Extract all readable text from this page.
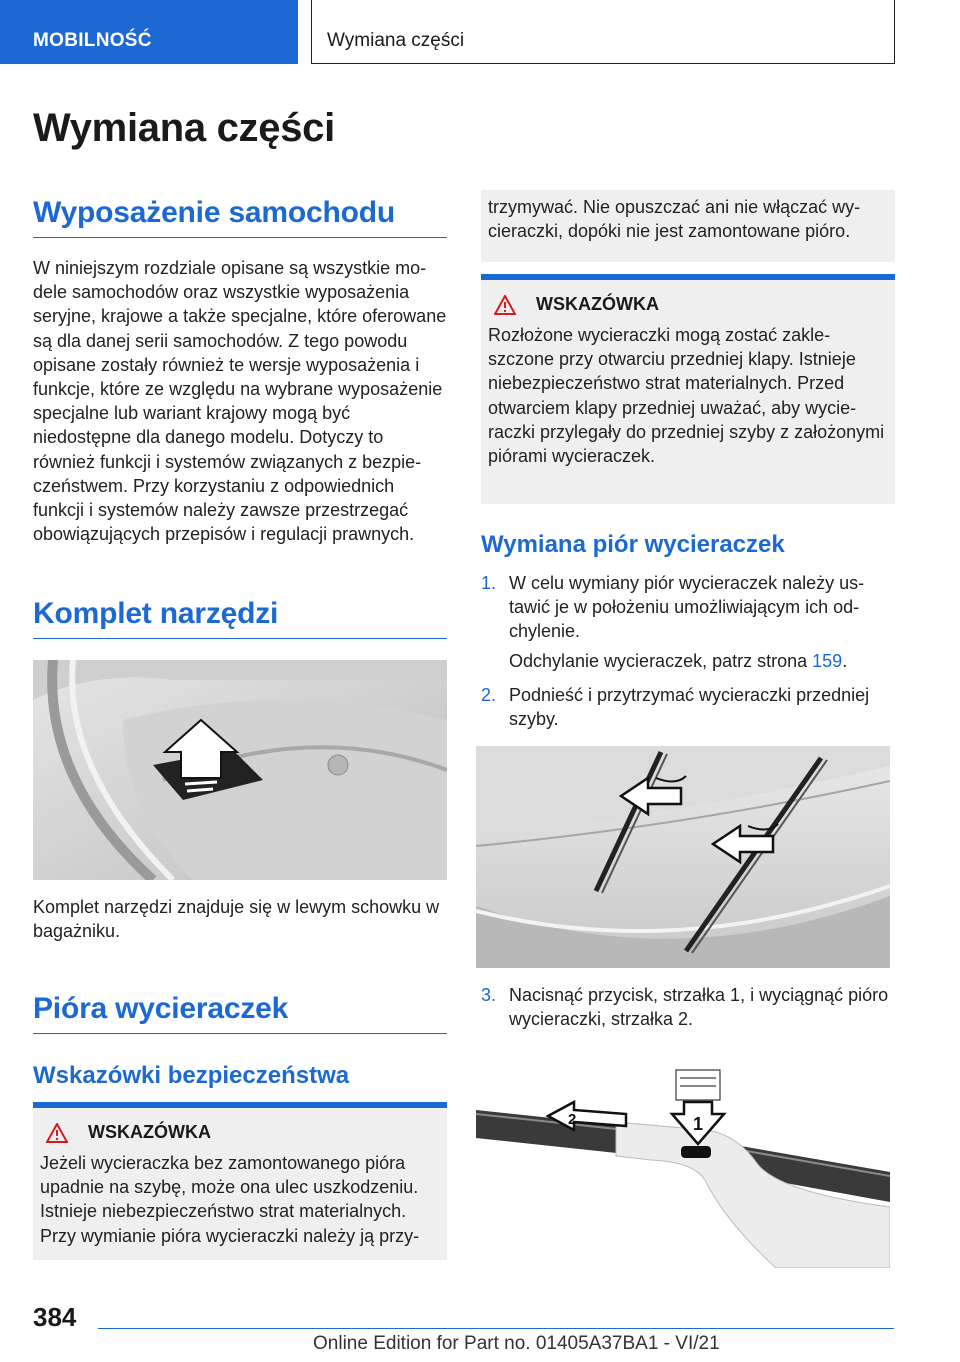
MOBILNOŚĆ	Wymiana części
Wymiana części
Wyposażenie samochodu
W niniejszym rozdziale opisane są wszystkie modele samochodów oraz wszystkie wyposażenia seryjne, krajowe a także specjalne, które oferowane są dla danej serii samochodów. Z tego powodu opisane zostały również te wersje wyposażenia i funkcje, które ze względu na wybrane wyposażenie specjalne lub wariant krajowy mogą być niedostępne dla danego modelu. Dotyczy to również funkcji i systemów związanych z bezpieczeństwem. Przy korzystaniu z odpowiednich funkcji i systemów należy zawsze przestrzegać obowiązujących przepisów i regulacji prawnych.
Komplet narzędzi
Komplet narzędzi znajduje się w lewym schowku w bagażniku.
Pióra wycieraczek
Wskazówki bezpieczeństwa
WSKAZÓWKA
Jeżeli wycieraczka bez zamontowanego pióra upadnie na szybę, może ona ulec uszkodzeniu. Istnieje niebezpieczeństwo strat materialnych. Przy wymianie pióra wycieraczki należy ją przy-
trzymywać. Nie opuszczać ani nie włączać wycieraczki, dopóki nie jest zamontowane pióro.
WSKAZÓWKA
Rozłożone wycieraczki mogą zostać zakleszczone przy otwarciu przedniej klapy. Istnieje niebezpieczeństwo strat materialnych. Przed otwarciem klapy przedniej uważać, aby wycieraczki przylegały do przedniej szyby z założonymi piórami wycieraczek.
Wymiana piór wycieraczek
1. W celu wymiany piór wycieraczek należy ustawić je w położeniu umożliwiającym ich odchylenie.
Odchylanie wycieraczek, patrz strona 159.
2. Podnieść i przytrzymać wycieraczki przedniej szyby.
3. Nacisnąć przycisk, strzałka 1, i wyciągnąć pióro wycieraczki, strzałka 2.
1
2
384
Online Edition for Part no. 01405A37BA1 - VI/21
